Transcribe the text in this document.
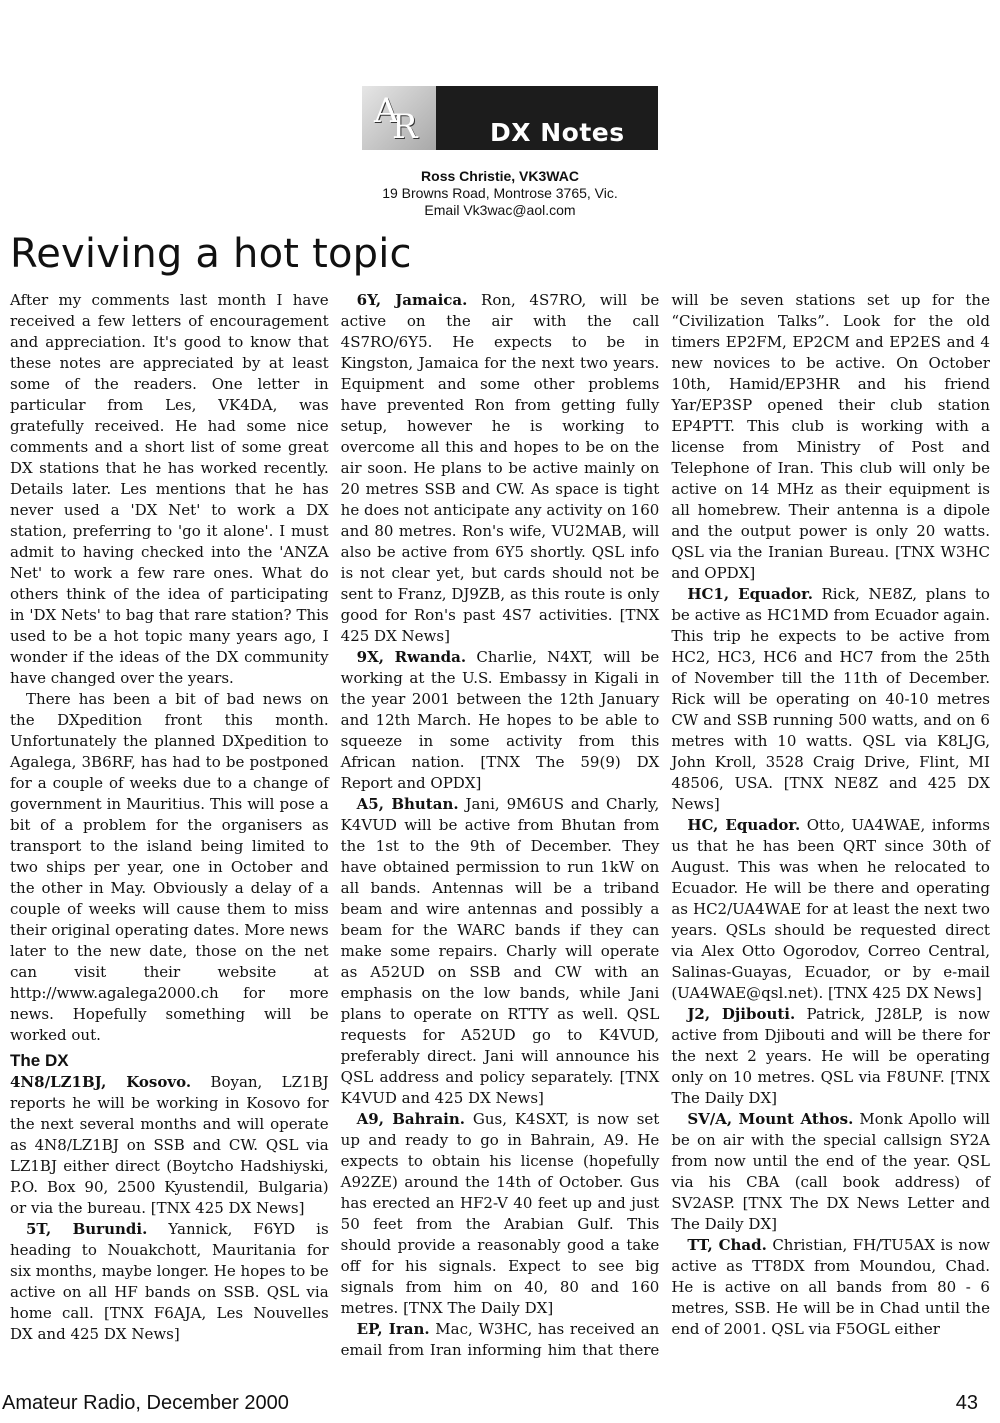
A
R	DX Notes
Ross Christie, VK3WAC
19 Browns Road, Montrose 3765, Vic.
Email Vk3wac@aol.com
Reviving a hot topic

After my comments last month I have received a few letters of encouragement and appreciation. It's good to know that these notes are appreciated by at least some of the readers. One letter in particular from Les, VK4DA, was gratefully received. He had some nice comments and a short list of some great DX stations that he has worked recently. Details later. Les mentions that he has never used a 'DX Net' to work a DX station, preferring to 'go it alone'. I must admit to having checked into the 'ANZA Net' to work a few rare ones. What do others think of the idea of participating in 'DX Nets' to bag that rare station? This used to be a hot topic many years ago, I wonder if the ideas of the DX community have changed over the years.

There has been a bit of bad news on the DXpedition front this month. Unfortunately the planned DXpedition to Agalega, 3B6RF, has had to be postponed for a couple of weeks due to a change of government in Mauritius. This will pose a bit of a problem for the organisers as transport to the island being limited to two ships per year, one in October and the other in May. Obviously a delay of a couple of weeks will cause them to miss their original operating dates. More news later to the new date, those on the net can visit their website at http://www.agalega2000.ch for more news. Hopefully something will be worked out.

The DX

4N8/LZ1BJ, Kosovo. Boyan, LZ1BJ reports he will be working in Kosovo for the next several months and will operate as 4N8/LZ1BJ on SSB and CW. QSL via LZ1BJ either direct (Boytcho Hadshiyski, P.O. Box 90, 2500 Kyustendil, Bulgaria) or via the bureau. [TNX 425 DX News]

5T, Burundi. Yannick, F6YD is heading to Nouakchott, Mauritania for six months, maybe longer. He hopes to be active on all HF bands on SSB. QSL via home call. [TNX F6AJA, Les Nouvelles DX and 425 DX News]

6Y, Jamaica. Ron, 4S7RO, will be active on the air with the call 4S7RO/6Y5. He expects to be in Kingston, Jamaica for the next two years. Equipment and some other problems have prevented Ron from getting fully setup, however he is working to overcome all this and hopes to be on the air soon. He plans to be active mainly on 20 metres SSB and CW. As space is tight he does not anticipate any activity on 160 and 80 metres. Ron's wife, VU2MAB, will also be active from 6Y5 shortly. QSL info is not clear yet, but cards should not be sent to Franz, DJ9ZB, as this route is only good for Ron's past 4S7 activities. [TNX 425 DX News]

9X, Rwanda. Charlie, N4XT, will be working at the U.S. Embassy in Kigali in the year 2001 between the 12th January and 12th March. He hopes to be able to squeeze in some activity from this African nation. [TNX The 59(9) DX Report and OPDX]

A5, Bhutan. Jani, 9M6US and Charly, K4VUD will be active from Bhutan from the 1st to the 9th of December. They have obtained permission to run 1kW on all bands. Antennas will be a triband beam and wire antennas and possibly a beam for the WARC bands if they can make some repairs. Charly will operate as A52UD on SSB and CW with an emphasis on the low bands, while Jani plans to operate on RTTY as well. QSL requests for A52UD go to K4VUD, preferably direct. Jani will announce his QSL address and policy separately. [TNX K4VUD and 425 DX News]

A9, Bahrain. Gus, K4SXT, is now set up and ready to go in Bahrain, A9. He expects to obtain his license (hopefully A92ZE) around the 14th of October. Gus has erected an HF2-V 40 feet up and just 50 feet from the Arabian Gulf. This should provide a reasonably good a take off for his signals. Expect to see big signals from him on 40, 80 and 160 metres. [TNX The Daily DX]

EP, Iran. Mac, W3HC, has received an email from Iran informing him that there will be seven stations set up for the “Civilization Talks”. Look for the old timers EP2FM, EP2CM and EP2ES and 4 new novices to be active. On October 10th, Hamid/EP3HR and his friend Yar/EP3SP opened their club station EP4PTT. This club is working with a license from Ministry of Post and Telephone of Iran. This club will only be active on 14 MHz as their equipment is all homebrew. Their antenna is a dipole and the output power is only 20 watts. QSL via the Iranian Bureau. [TNX W3HC and OPDX]

HC1, Equador. Rick, NE8Z, plans to be active as HC1MD from Ecuador again. This trip he expects to be active from HC2, HC3, HC6 and HC7 from the 25th of November till the 11th of December. Rick will be operating on 40-10 metres CW and SSB running 500 watts, and on 6 metres with 10 watts. QSL via K8LJG, John Kroll, 3528 Craig Drive, Flint, MI 48506, USA. [TNX NE8Z and 425 DX News]

HC, Equador. Otto, UA4WAE, informs us that he has been QRT since 30th of August. This was when he relocated to Ecuador. He will be there and operating as HC2/UA4WAE for at least the next two years. QSLs should be requested direct via Alex Otto Ogorodov, Correo Central, Salinas-Guayas, Ecuador, or by e-mail (UA4WAE@qsl.net). [TNX 425 DX News]

J2, Djibouti. Patrick, J28LP, is now active from Djibouti and will be there for the next 2 years. He will be operating only on 10 metres. QSL via F8UNF. [TNX The Daily DX]

SV/A, Mount Athos. Monk Apollo will be on air with the special callsign SY2A from now until the end of the year. QSL via his CBA (call book address) of SV2ASP. [TNX The DX News Letter and The Daily DX]

TT, Chad. Christian, FH/TU5AX is now active as TT8DX from Moundou, Chad. He is active on all bands from 80 - 6 metres, SSB. He will be in Chad until the end of 2001. QSL via F5OGL either

Amateur Radio, December 2000	43
